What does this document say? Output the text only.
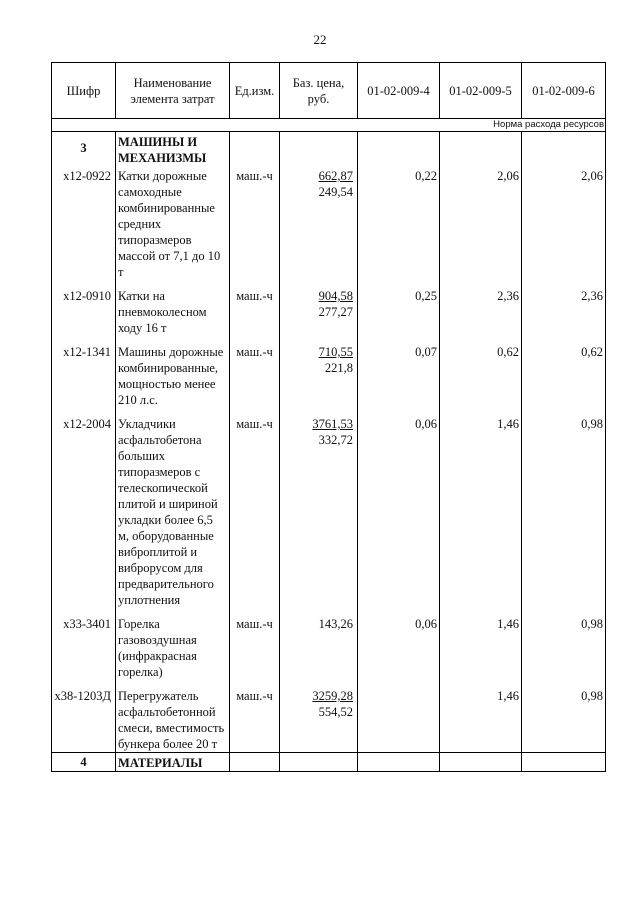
22
Шифр	Наименование элемента затрат	Ед.изм.	Баз. цена, руб.	01-02-009-4	01-02-009-5	01-02-009-6
Норма расхода ресурсов						
3	МАШИНЫ И МЕХАНИЗМЫ					
х12-0922	Катки дорожные самоходные комбинированные средних типоразмеров массой от 7,1 до 10 т	маш.-ч	662,87
249,54	0,22	2,06	2,06

х12-0910	Катки на пневмоколесном ходу 16 т	маш.-ч	904,58
277,27	0,25	2,36	2,36

х12-1341	Машины дорожные комбинированные, мощностью менее 210 л.с.	маш.-ч	710,55
221,8	0,07	0,62	0,62

х12-2004	Укладчики асфальтобетона больших типоразмеров с телескопической плитой и шириной укладки более 6,5 м, оборудованные виброплитой и виброрусом для предварительного уплотнения	маш.-ч	3761,53
332,72	0,06	1,46	0,98

х33-3401	Горелка газовоздушная (инфракрасная горелка)	маш.-ч	143,26	0,06	1,46	0,98

х38-1203Д	Перегружатель асфальтобетонной смеси, вместимость бункера более 20 т	маш.-ч	3259,28
554,52		1,46	0,98
4	МАТЕРИАЛЫ					
